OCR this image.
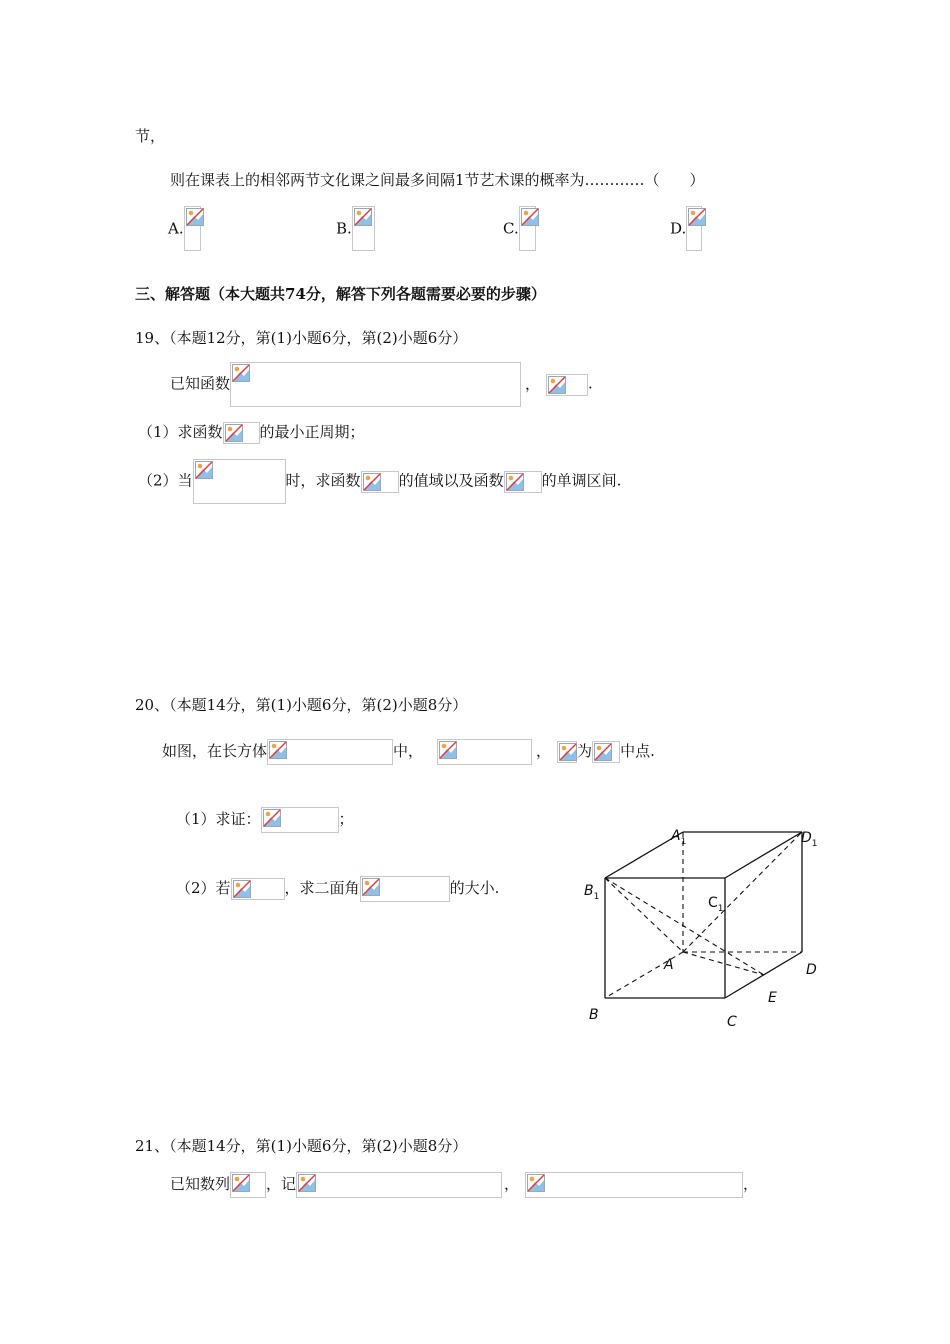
节，
则在课表上的相邻两节文化课之间最多间隔1节艺术课的概率为…………（　　）
A.	B.	C.	D.
三、解答题（本大题共74分，解答下列各题需要必要的步骤）
19、（本题12分，第(1)小题6分，第(2)小题6分）
已知函数	，	.
（1）求函数 的最小正周期；
（2）当	时，求函数	的值域以及函数	的单调区间.
20、（本题14分，第(1)小题6分，第(2)小题8分）
如图，在长方体	中，	， 为 中点.
（1）求证：	；
（2）若	，求二面角	的大小.
$A_1$	$D_1$
$B_1$	$C_1$
A	D
E
B	C
21、（本题14分，第(1)小题6分，第(2)小题8分）
已知数列 ，记	，	，
